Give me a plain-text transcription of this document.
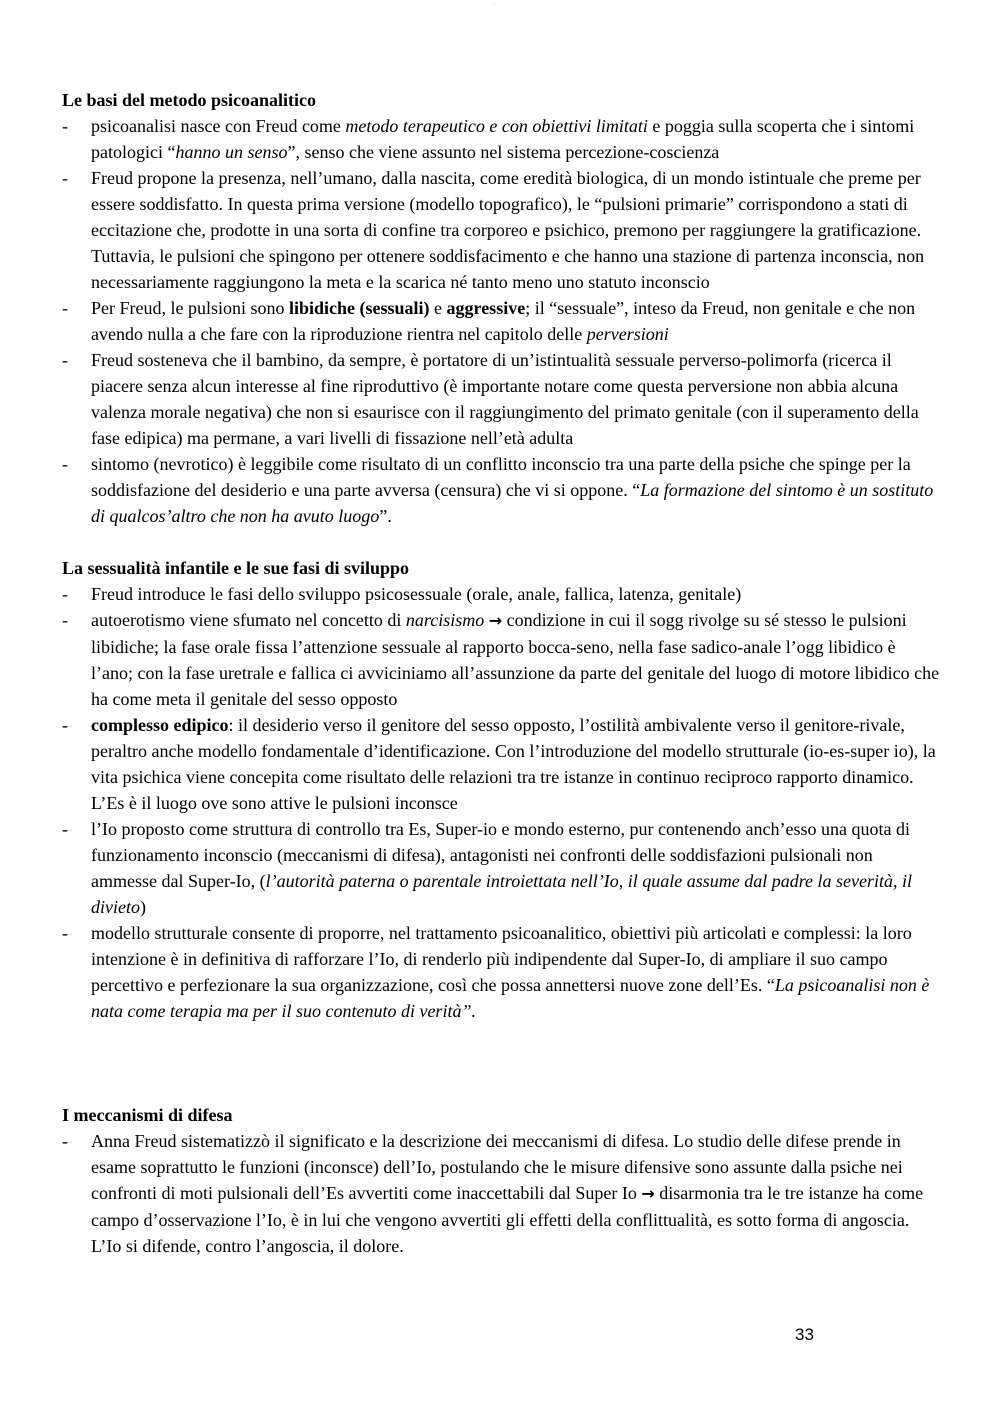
...
Le basi del metodo psicoanalitico
- psicoanalisi nasce con Freud come metodo terapeutico e con obiettivi limitati e poggia sulla scoperta che i sintomi patologici “hanno un senso”, senso che viene assunto nel sistema percezione-coscienza
- Freud propone la presenza, nell’umano, dalla nascita, come eredità biologica, di un mondo istintuale che preme per essere soddisfatto. In questa prima versione (modello topografico), le “pulsioni primarie” corrispondono a stati di eccitazione che, prodotte in una sorta di confine tra corporeo e psichico, premono per raggiungere la gratificazione. Tuttavia, le pulsioni che spingono per ottenere soddisfacimento e che hanno una stazione di partenza inconscia, non necessariamente raggiungono la meta e la scarica né tanto meno uno statuto inconscio
- Per Freud, le pulsioni sono libidiche (sessuali) e aggressive; il “sessuale”, inteso da Freud, non genitale e che non avendo nulla a che fare con la riproduzione rientra nel capitolo delle perversioni
- Freud sosteneva che il bambino, da sempre, è portatore di un’istintualità sessuale perverso-polimorfa (ricerca il piacere senza alcun interesse al fine riproduttivo (è importante notare come questa perversione non abbia alcuna valenza morale negativa) che non si esaurisce con il raggiungimento del primato genitale (con il superamento della fase edipica) ma permane, a vari livelli di fissazione nell’età adulta
- sintomo (nevrotico) è leggibile come risultato di un conflitto inconscio tra una parte della psiche che spinge per la soddisfazione del desiderio e una parte avversa (censura) che vi si oppone. “La formazione del sintomo è un sostituto di qualcos’altro che non ha avuto luogo”.
La sessualità infantile e le sue fasi di sviluppo
- Freud introduce le fasi dello sviluppo psicosessuale (orale, anale, fallica, latenza, genitale)
- autoerotismo viene sfumato nel concetto di narcisismo → condizione in cui il sogg rivolge su sé stesso le pulsioni libidiche; la fase orale fissa l’attenzione sessuale al rapporto bocca-seno, nella fase sadico-anale l’ogg libidico è l’ano; con la fase uretrale e fallica ci avviciniamo all’assunzione da parte del genitale del luogo di motore libidico che ha come meta il genitale del sesso opposto
- complesso edipico: il desiderio verso il genitore del sesso opposto, l’ostilità ambivalente verso il genitore-rivale, peraltro anche modello fondamentale d’identificazione. Con l’introduzione del modello strutturale (io-es-super io), la vita psichica viene concepita come risultato delle relazioni tra tre istanze in continuo reciproco rapporto dinamico. L’Es è il luogo ove sono attive le pulsioni inconsce
- l’Io proposto come struttura di controllo tra Es, Super-io e mondo esterno, pur contenendo anch’esso una quota di funzionamento inconscio (meccanismi di difesa), antagonisti nei confronti delle soddisfazioni pulsionali non ammesse dal Super-Io, (l’autorità paterna o parentale introiettata nell’Io, il quale assume dal padre la severità, il divieto)
- modello strutturale consente di proporre, nel trattamento psicoanalitico, obiettivi più articolati e complessi: la loro intenzione è in definitiva di rafforzare l’Io, di renderlo più indipendente dal Super-Io, di ampliare il suo campo percettivo e perfezionare la sua organizzazione, così che possa annettersi nuove zone dell’Es. “La psicoanalisi non è nata come terapia ma per il suo contenuto di verità”.
I meccanismi di difesa
- Anna Freud sistematizzò il significato e la descrizione dei meccanismi di difesa. Lo studio delle difese prende in esame soprattutto le funzioni (inconsce) dell’Io, postulando che le misure difensive sono assunte dalla psiche nei confronti di moti pulsionali dell’Es avvertiti come inaccettabili dal Super Io → disarmonia tra le tre istanze ha come campo d’osservazione l’Io, è in lui che vengono avvertiti gli effetti della conflittualità, es sotto forma di angoscia. L’Io si difende, contro l’angoscia, il dolore.
33
